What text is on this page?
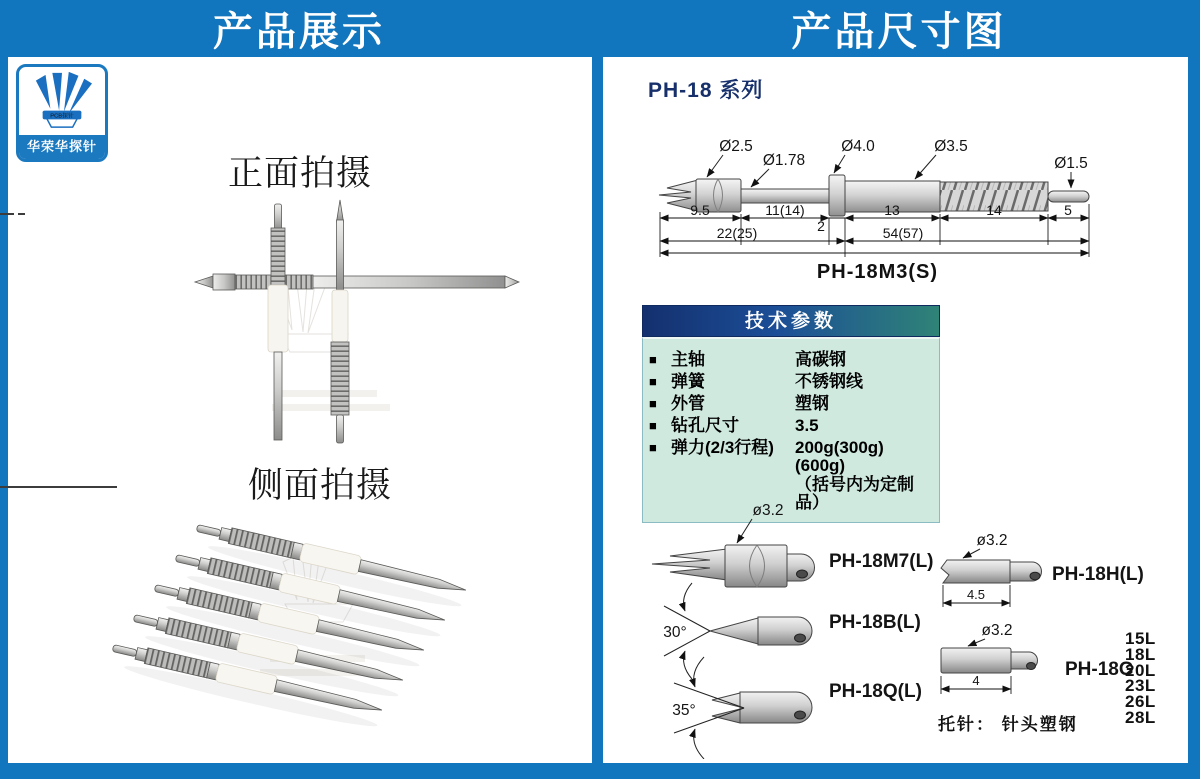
产品展示	产品尺寸图
PCB探针
华荣华探针
正面拍摄
侧面拍摄
PH-18 系列
Ø2.5
Ø1.78
Ø4.0	Ø3.5
Ø1.5
9.5	11(14)
2
13	14	5
22(25)	54(57)
PH-18M3(S)
技术参数
■ 主轴	高碳钢
■ 弹簧	不锈钢线
■ 外管	塑钢
■ 钻孔尺寸	3.5
■ 弹力(2/3行程)	200g(300g)(600g)
（括号内为定制品）
ø3.2
PH-18M7(L)
30°	PH-18B(L)
35°
PH-18Q(L)
ø3.2
4.5
PH-18H(L)
ø3.2
4
PH-18G
15L
18L
20L
23L
26L
28L
托针： 针头塑钢
